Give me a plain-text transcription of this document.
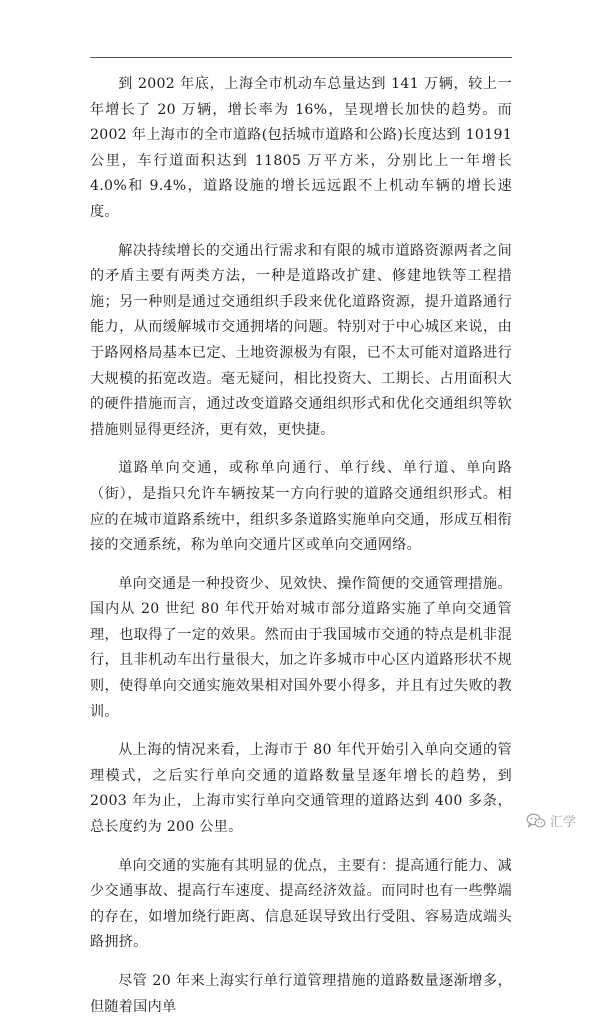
到 2002 年底，上海全市机动车总量达到 141 万辆，较上一年增长了 20 万辆，增长率为 16%，呈现增长加快的趋势。而 2002 年上海市的全市道路(包括城市道路和公路)长度达到 10191 公里，车行道面积达到 11805 万平方米，分别比上一年增长 4.0%和 9.4%，道路设施的增长远远跟不上机动车辆的增长速度。

解决持续增长的交通出行需求和有限的城市道路资源两者之间的矛盾主要有两类方法，一种是道路改扩建、修建地铁等工程措施；另一种则是通过交通组织手段来优化道路资源，提升道路通行能力，从而缓解城市交通拥堵的问题。特别对于中心城区来说，由于路网格局基本已定、土地资源极为有限，已不太可能对道路进行大规模的拓宽改造。毫无疑问，相比投资大、工期长、占用面积大的硬件措施而言，通过改变道路交通组织形式和优化交通组织等软措施则显得更经济，更有效，更快捷。

道路单向交通，或称单向通行、单行线、单行道、单向路（街），是指只允许车辆按某一方向行驶的道路交通组织形式。相应的在城市道路系统中，组织多条道路实施单向交通，形成互相衔接的交通系统，称为单向交通片区或单向交通网络。

单向交通是一种投资少、见效快、操作简便的交通管理措施。国内从 20 世纪 80 年代开始对城市部分道路实施了单向交通管理，也取得了一定的效果。然而由于我国城市交通的特点是机非混行，且非机动车出行量很大，加之许多城市中心区内道路形状不规则，使得单向交通实施效果相对国外要小得多，并且有过失败的教训。

从上海的情况来看，上海市于 80 年代开始引入单向交通的管理模式，之后实行单向交通的道路数量呈逐年增长的趋势，到 2003 年为止，上海市实行单向交通管理的道路达到 400 多条，总长度约为 200 公里。

单向交通的实施有其明显的优点，主要有：提高通行能力、减少交通事故、提高行车速度、提高经济效益。而同时也有一些弊端的存在，如增加绕行距离、信息延误导致出行受阻、容易造成端头路拥挤。

尽管 20 年来上海实行单行道管理措施的道路数量逐渐增多，但随着国内单

汇学
